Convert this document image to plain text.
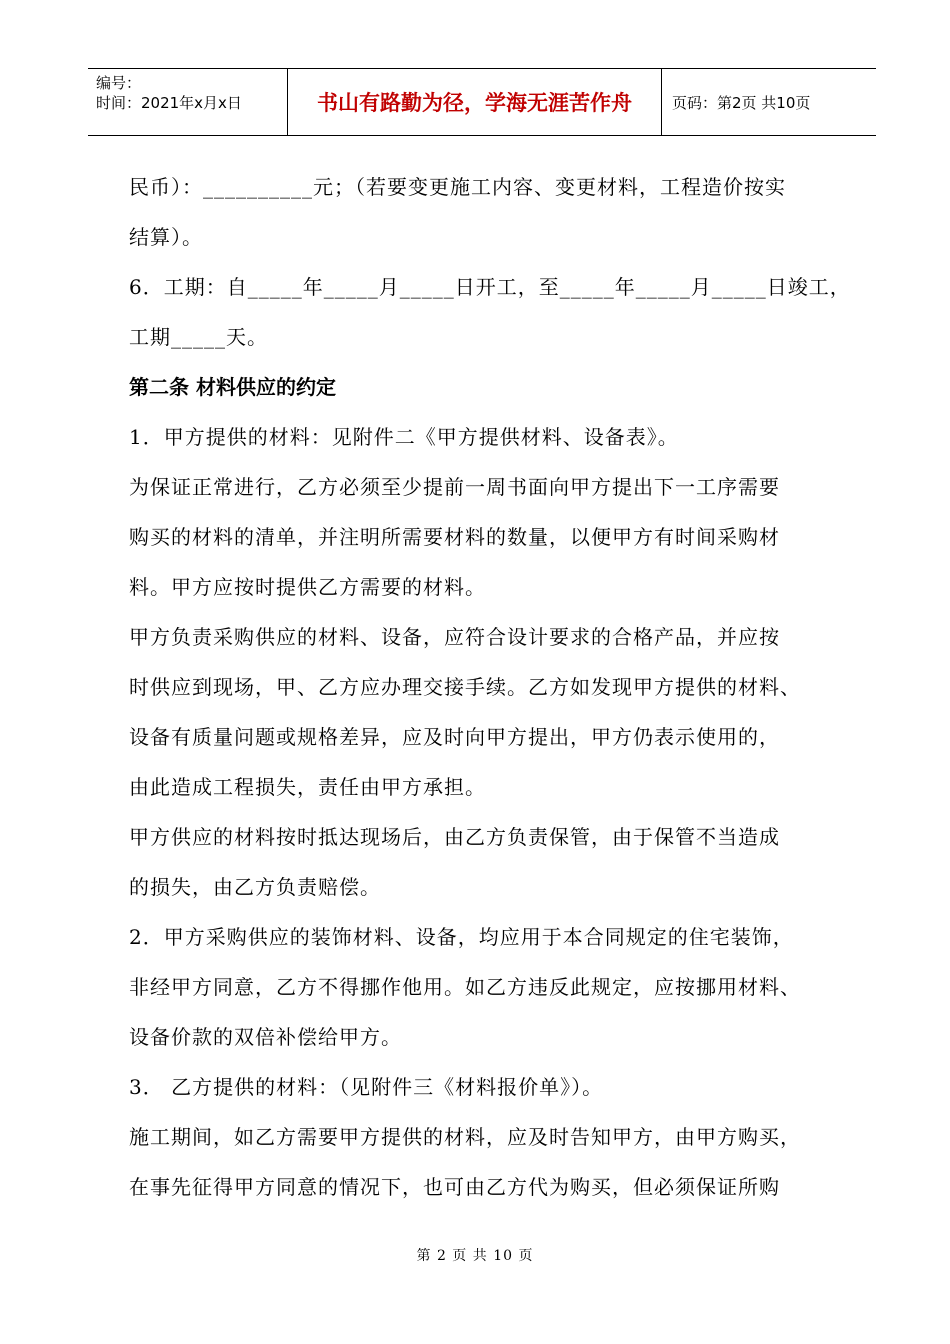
编号：
时间：2021年x月x日	书山有路勤为径，学海无涯苦作舟	页码：第2页 共10页
民币）：__________元；（若要变更施工内容、变更材料，工程造价按实
结算）。
6．工期：自_____年_____月_____日开工，至_____年_____月_____日竣工，
工期_____天。
第二条 材料供应的约定
1．甲方提供的材料：见附件二《甲方提供材料、设备表》。
为保证正常进行，乙方必须至少提前一周书面向甲方提出下一工序需要
购买的材料的清单，并注明所需要材料的数量，以便甲方有时间采购材
料。甲方应按时提供乙方需要的材料。
甲方负责采购供应的材料、设备，应符合设计要求的合格产品，并应按
时供应到现场，甲、乙方应办理交接手续。乙方如发现甲方提供的材料、
设备有质量问题或规格差异，应及时向甲方提出，甲方仍表示使用的，
由此造成工程损失，责任由甲方承担。
甲方供应的材料按时抵达现场后，由乙方负责保管，由于保管不当造成
的损失，由乙方负责赔偿。
2．甲方采购供应的装饰材料、设备，均应用于本合同规定的住宅装饰，
非经甲方同意，乙方不得挪作他用。如乙方违反此规定，应按挪用材料、
设备价款的双倍补偿给甲方。
3． 乙方提供的材料：（见附件三《材料报价单》）。
施工期间，如乙方需要甲方提供的材料，应及时告知甲方，由甲方购买，
在事先征得甲方同意的情况下，也可由乙方代为购买，但必须保证所购
第 2 页 共 10 页
